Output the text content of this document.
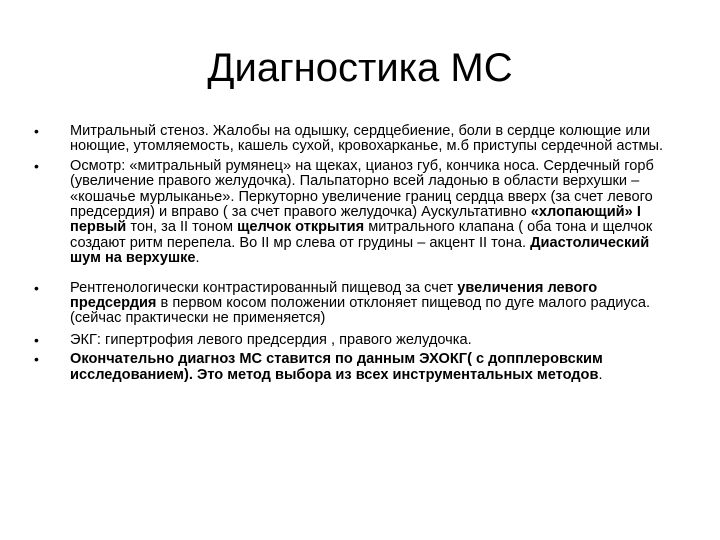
Диагностика МС
• Митральный стеноз. Жалобы на одышку, сердцебиение, боли в сердце колющие или ноющие, утомляемость, кашель сухой, кровохарканье, м.б приступы сердечной астмы.
• Осмотр: «митральный румянец» на щеках, цианоз губ, кончика носа. Сердечный горб (увеличение правого желудочка). Пальпаторно всей ладонью в области верхушки – «кошачье мурлыканье». Перкуторно увеличение границ сердца вверх (за счет левого предсердия) и вправо ( за счет правого желудочка) Аускультативно «хлопающий» I первый тон, за II тоном щелчок открытия митрального клапана ( оба тона и щелчок создают ритм перепела. Во II мр слева от грудины – акцент II тона. Диастолический шум на верхушке.
• Рентгенологически контрастированный пищевод за счет увеличения левого предсердия в первом косом положении отклоняет пищевод по дуге малого радиуса.(сейчас практически не применяется)
• ЭКГ: гипертрофия левого предсердия , правого желудочка.
• Окончательно диагноз МС ставится по данным ЭХОКГ( с допплеровским исследованием). Это метод выбора из всех инструментальных методов.
